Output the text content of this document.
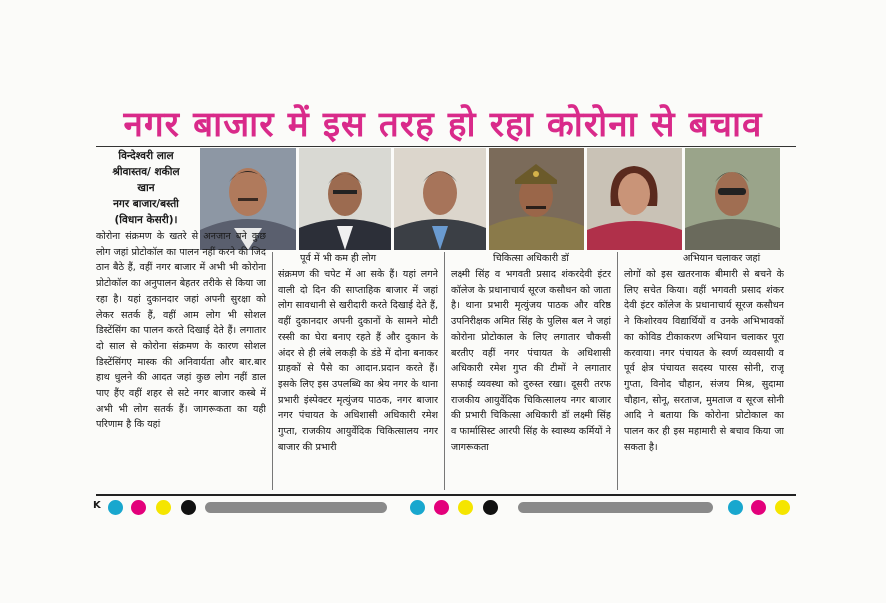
नगर बाजार में इस तरह हो रहा कोरोना से बचाव
विन्देश्वरी लाल
श्रीवास्तव/ शकील
खान
नगर बाजार/बस्ती
(विधान केसरी)।
पूर्व में भी कम ही लोग	चिकित्सा अधिकारी डॉ	अभियान चलाकर जहां

कोरोना संक्रमण के खतरे से अनजान बने कुछ लोग जहां प्रोटोकॉल का पालन नहीं करने की जिद ठान बैठे हैं, वहीं नगर बाजार में अभी भी कोरोना प्रोटोकॉल का अनुपालन बेहतर तरीके से किया जा रहा है। यहां दुकानदार जहां अपनी सुरक्षा को लेकर सतर्क हैं, वहीं आम लोग भी सोशल डिस्टेंसिंग का पालन करते दिखाई देते हैं। लगातार दो साल से कोरोना संक्रमण के कारण सोशल डिस्टेंसिंगए मास्क की अनिवार्यता और बार.बार हाथ धुलने की आदत जहां कुछ लोग नहीं डाल पाए हैंए वहीं शहर से सटे नगर बाजार कस्बे में अभी भी लोग सतर्क हैं। जागरूकता का यही परिणाम है कि यहां

संक्रमण की चपेट में आ सके हैं। यहां लगने वाली दो दिन की साप्ताहिक बाजार में जहां लोग सावधानी से खरीदारी करते दिखाई देते हैं, वहीं दुकानदार अपनी दुकानों के सामने मोटी रस्सी का घेरा बनाए रहते हैं और दुकान के अंदर से ही लंबे लकड़ी के डंडे में दोना बनाकर ग्राहकों से पैसे का आदान.प्रदान करते हैं। इसके लिए इस उपलब्धि का श्रेय नगर के थाना प्रभारी इंस्पेक्टर मृत्युंजय पाठक, नगर बाजार नगर पंचायत के अधिशासी अधिकारी रमेश गुप्ता, राजकीय आयुर्वेदिक चिकित्सालय नगर बाजार की प्रभारी

लक्ष्मी सिंह व भगवती प्रसाद शंकरदेवी इंटर कॉलेज के प्रधानाचार्य सूरज कसौधन को जाता है। थाना प्रभारी मृत्युंजय पाठक और वरिष्ठ उपनिरीक्षक अमित सिंह के पुलिस बल ने जहां कोरोना प्रोटोकाल के लिए लगातार चौकसी बरतीए वहीं नगर पंचायत के अधिशासी अधिकारी रमेश गुप्त की टीमों ने लगातार सफाई व्यवस्था को दुरुस्त रखा। दूसरी तरफ राजकीय आयुर्वेदिक चिकित्सालय नगर बाजार की प्रभारी चिकित्सा अधिकारी डॉ लक्ष्मी सिंह व फार्मासिस्ट आरपी सिंह के स्वास्थ्य कर्मियों ने जागरूकता

लोगों को इस खतरनाक बीमारी से बचने के लिए सचेत किया। वहीं भगवती प्रसाद शंकर देवी इंटर कॉलेज के प्रधानाचार्य सूरज कसौधन ने किशोरवय विद्यार्थियों व उनके अभिभावकों का कोविड टीकाकरण अभियान चलाकर पूरा करवाया। नगर पंचायत के स्वर्ण व्यवसायी व पूर्व क्षेत्र पंचायत सदस्य पारस सोनी, राजू गुप्ता, विनोद चौहान, संजय मिश्र, सुदामा चौहान, सोनू, सरताज, मुमताज व सूरज सोनी आदि ने बताया कि कोरोना प्रोटोकाल का पालन कर ही इस महामारी से बचाव किया जा सकता है।

K
